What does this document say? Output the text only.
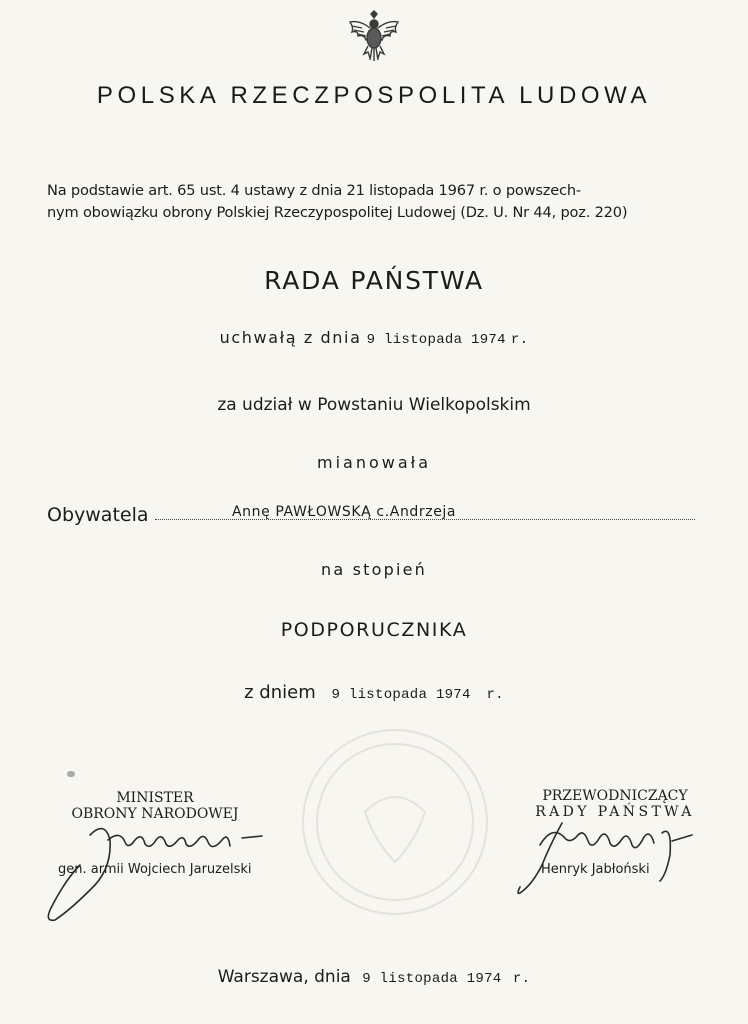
POLSKA RZECZPOSPOLITA LUDOWA
Na podstawie art. 65 ust. 4 ustawy z dnia 21 listopada 1967 r. o powszech-
nym obowiązku obrony Polskiej Rzeczypospolitej Ludowej (Dz. U. Nr 44, poz. 220)
RADA PAŃSTWA
uchwałą z dnia 9 listopada 1974 r.
za udział w Powstaniu Wielkopolskim
mianowała
Obywatela	Annę PAWŁOWSKĄ c.Andrzeja
na stopień
PODPORUCZNIKA
z dniem 9 listopada 1974 r.
MINISTER
OBRONY NARODOWEJ
gen. armii Wojciech Jaruzelski
PRZEWODNICZĄCY
RADY PAŃSTWA
Henryk Jabłoński
Warszawa, dnia 9 listopada 1974 r.
